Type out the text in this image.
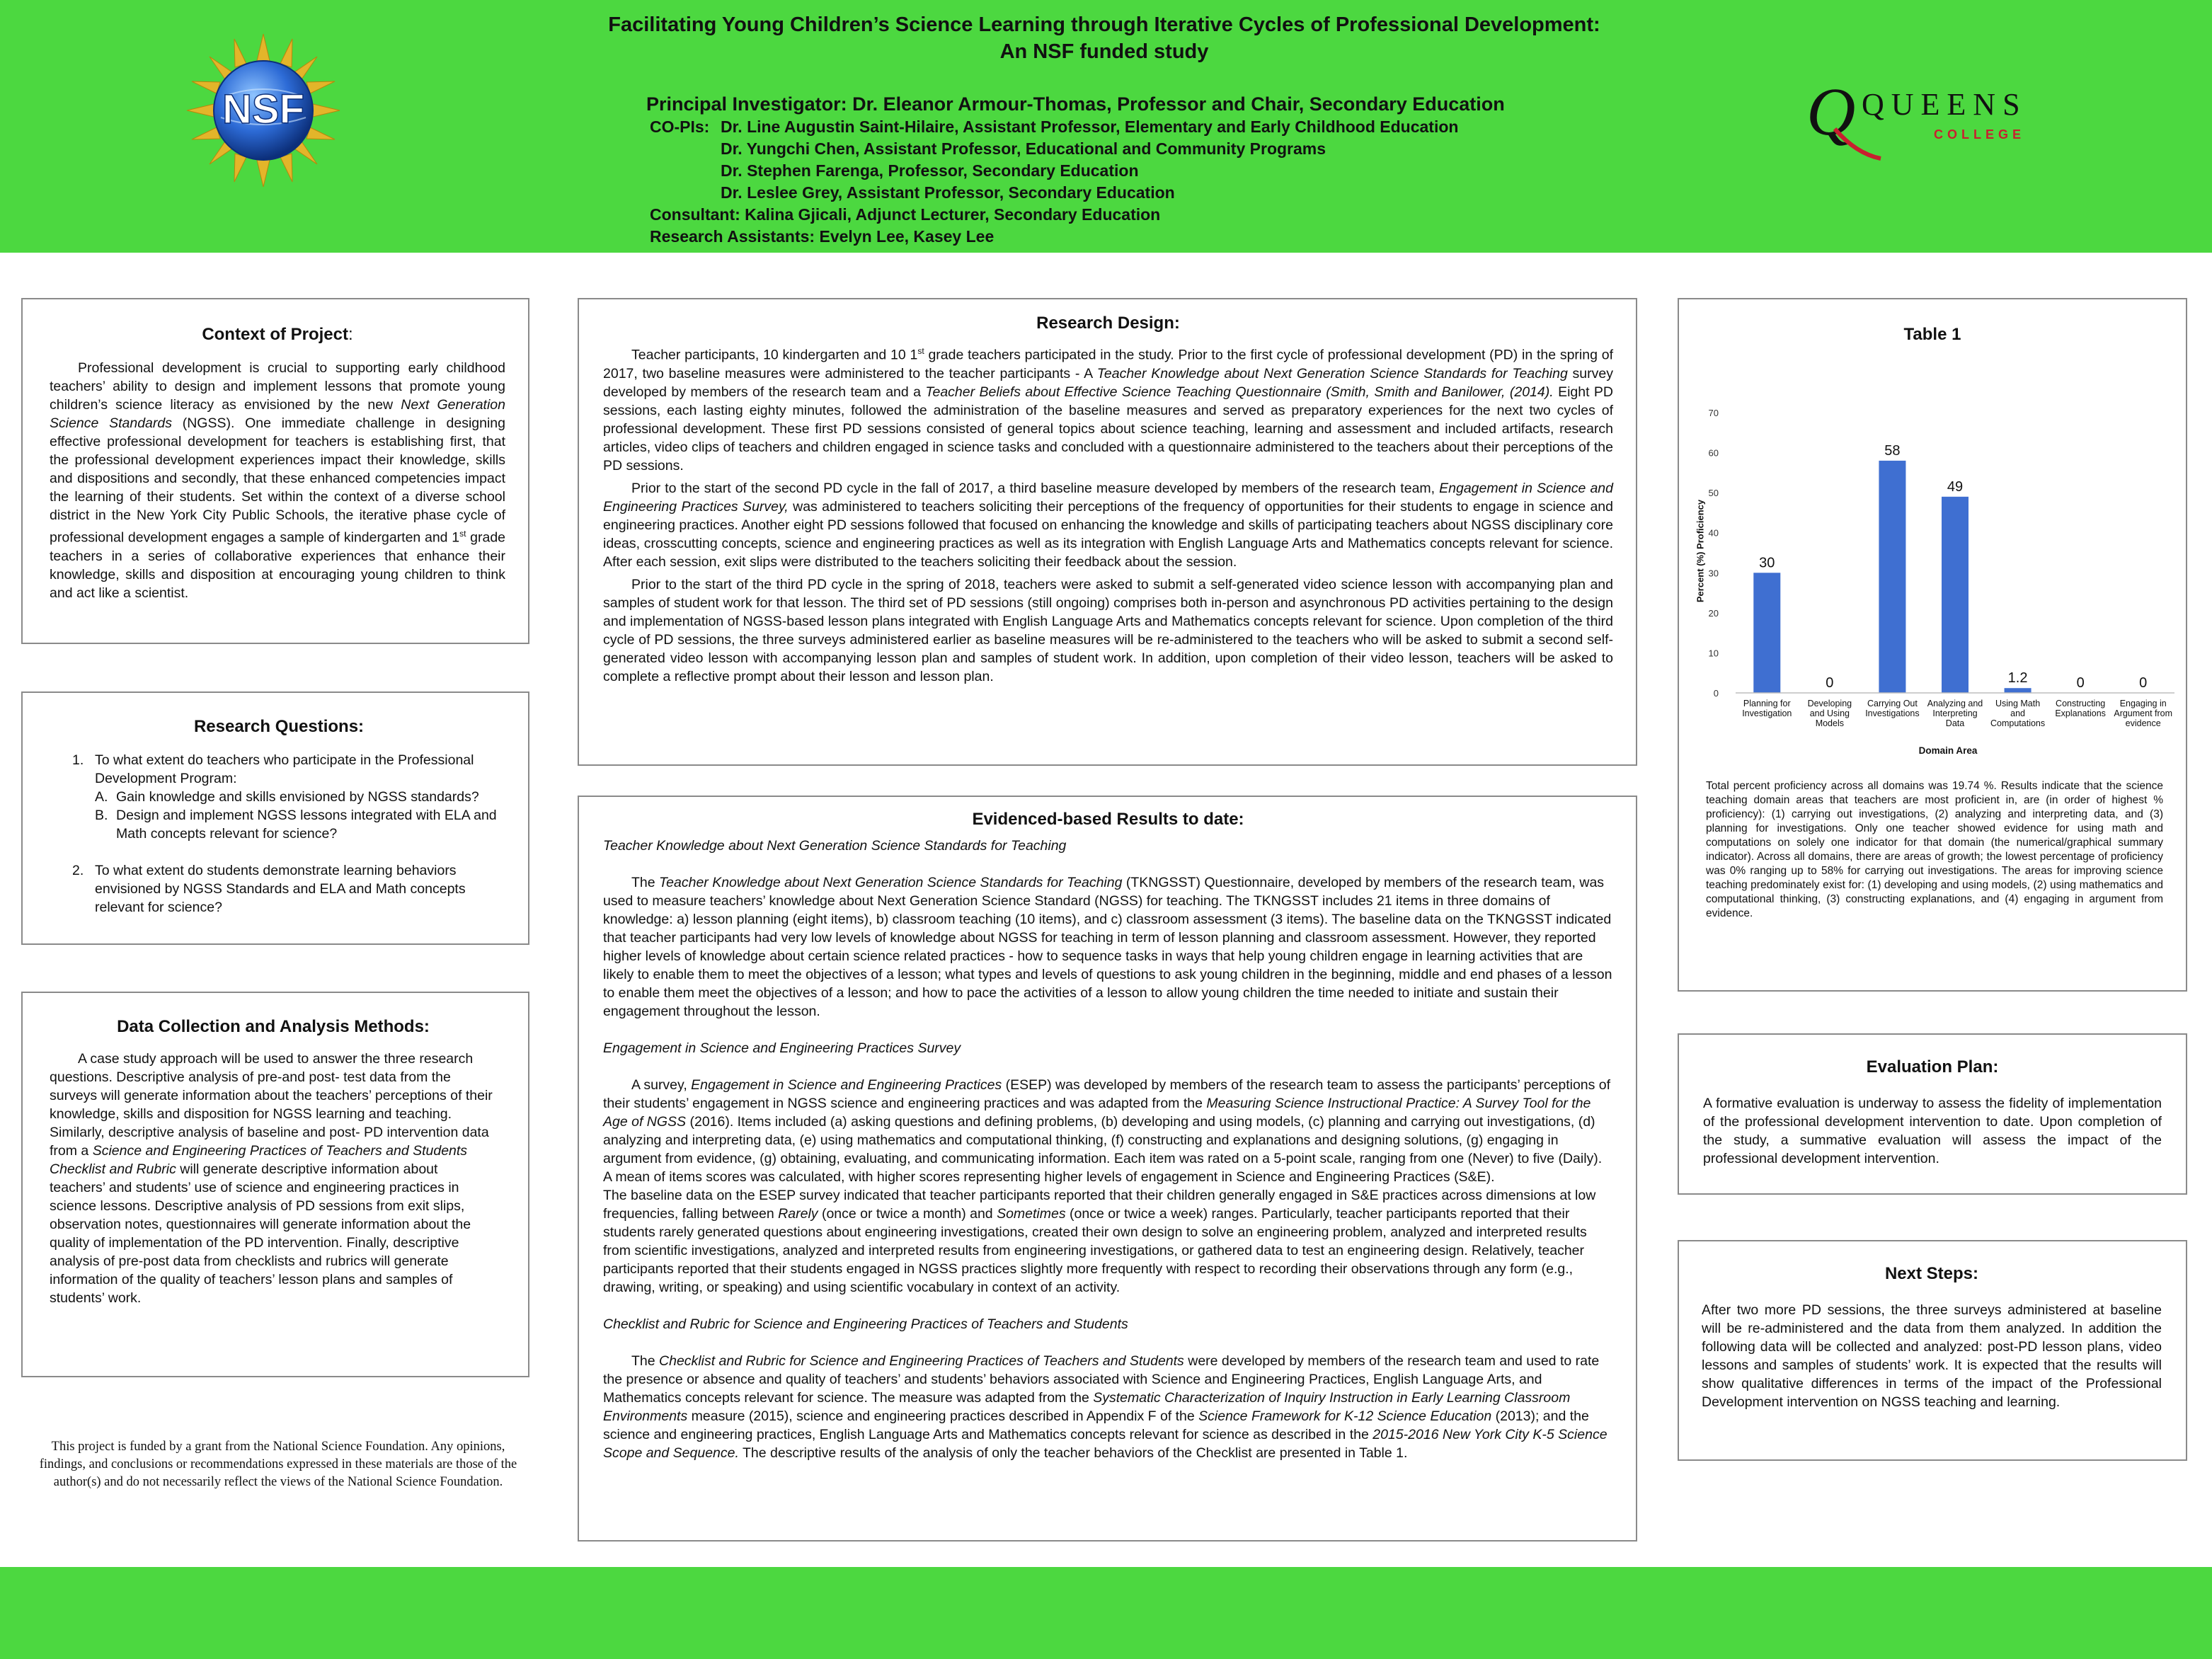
NSF	Q QUEENS
COLLEGE
Facilitating Young Children’s Science Learning through Iterative Cycles of Professional Development:
An NSF funded study
Principal Investigator: Dr. Eleanor Armour-Thomas, Professor and Chair, Secondary Education
CO-PIs: Dr. Line Augustin Saint-Hilaire, Assistant Professor, Elementary and Early Childhood Education
Dr. Yungchi Chen, Assistant Professor, Educational and Community Programs
Dr. Stephen Farenga, Professor, Secondary Education
Dr. Leslee Grey, Assistant Professor, Secondary Education
Consultant: Kalina Gjicali, Adjunct Lecturer, Secondary Education
Research Assistants: Evelyn Lee, Kasey Lee
Context of Project:

Professional development is crucial to supporting early childhood teachers’ ability to design and implement lessons that promote young children’s science literacy as envisioned by the new Next Generation Science Standards (NGSS). One immediate challenge in designing effective professional development for teachers is establishing first, that the professional development experiences impact their knowledge, skills and dispositions and secondly, that these enhanced competencies impact the learning of their students. Set within the context of a diverse school district in the New York City Public Schools, the iterative phase cycle of professional development engages a sample of kindergarten and 1st grade teachers in a series of collaborative experiences that enhance their knowledge, skills and disposition at encouraging young children to think and act like a scientist.

Research Questions:
1. To what extent do teachers who participate in the Professional Development Program:
A. Gain knowledge and skills envisioned by NGSS standards?
B. Design and implement NGSS lessons integrated with ELA and Math concepts relevant for science?
2. To what extent do students demonstrate learning behaviors envisioned by NGSS Standards and ELA and Math concepts relevant for science?
Data Collection and Analysis Methods:

A case study approach will be used to answer the three research questions. Descriptive analysis of pre-and post- test data from the surveys will generate information about the teachers’ perceptions of their knowledge, skills and disposition for NGSS learning and teaching. Similarly, descriptive analysis of baseline and post- PD intervention data from a Science and Engineering Practices of Teachers and Students Checklist and Rubric will generate descriptive information about teachers’ and students’ use of science and engineering practices in science lessons. Descriptive analysis of PD sessions from exit slips, observation notes, questionnaires will generate information about the quality of implementation of the PD intervention. Finally, descriptive analysis of pre-post data from checklists and rubrics will generate information of the quality of teachers’ lesson plans and samples of students’ work.

This project is funded by a grant from the National Science Foundation. Any opinions, findings, and conclusions or recommendations expressed in these materials are those of the author(s) and do not necessarily reflect the views of the National Science Foundation.
Research Design:

Teacher participants, 10 kindergarten and 10 1st grade teachers participated in the study. Prior to the first cycle of professional development (PD) in the spring of 2017, two baseline measures were administered to the teacher participants - A Teacher Knowledge about Next Generation Science Standards for Teaching survey developed by members of the research team and a Teacher Beliefs about Effective Science Teaching Questionnaire (Smith, Smith and Banilower, (2014). Eight PD sessions, each lasting eighty minutes, followed the administration of the baseline measures and served as preparatory experiences for the next two cycles of professional development. These first PD sessions consisted of general topics about science teaching, learning and assessment and included artifacts, research articles, video clips of teachers and children engaged in science tasks and concluded with a questionnaire administered to the teachers about their perceptions of the PD sessions.

Prior to the start of the second PD cycle in the fall of 2017, a third baseline measure developed by members of the research team, Engagement in Science and Engineering Practices Survey, was administered to teachers soliciting their perceptions of the frequency of opportunities for their students to engage in science and engineering practices. Another eight PD sessions followed that focused on enhancing the knowledge and skills of participating teachers about NGSS disciplinary core ideas, crosscutting concepts, science and engineering practices as well as its integration with English Language Arts and Mathematics concepts relevant for science. After each session, exit slips were distributed to the teachers soliciting their feedback about the session.

Prior to the start of the third PD cycle in the spring of 2018, teachers were asked to submit a self-generated video science lesson with accompanying plan and samples of student work for that lesson. The third set of PD sessions (still ongoing) comprises both in-person and asynchronous PD activities pertaining to the design and implementation of NGSS-based lesson plans integrated with English Language Arts and Mathematics concepts relevant for science. Upon completion of the third cycle of PD sessions, the three surveys administered earlier as baseline measures will be re-administered to the teachers who will be asked to submit a second self-generated video lesson with accompanying lesson plan and samples of student work. In addition, upon completion of their video lesson, teachers will be asked to complete a reflective prompt about their lesson and lesson plan.

Evidenced-based Results to date:

Teacher Knowledge about Next Generation Science Standards for Teaching

The Teacher Knowledge about Next Generation Science Standards for Teaching (TKNGSST) Questionnaire, developed by members of the research team, was used to measure teachers’ knowledge about Next Generation Science Standard (NGSS) for teaching. The TKNGSST includes 21 items in three domains of knowledge: a) lesson planning (eight items), b) classroom teaching (10 items), and c) classroom assessment (3 items). The baseline data on the TKNGSST indicated that teacher participants had very low levels of knowledge about NGSS for teaching in term of lesson planning and classroom assessment. However, they reported higher levels of knowledge about certain science related practices - how to sequence tasks in ways that help young children engage in learning activities that are likely to enable them to meet the objectives of a lesson; what types and levels of questions to ask young children in the beginning, middle and end phases of a lesson to enable them meet the objectives of a lesson; and how to pace the activities of a lesson to allow young children the time needed to initiate and sustain their engagement throughout the lesson.

Engagement in Science and Engineering Practices Survey

A survey, Engagement in Science and Engineering Practices (ESEP) was developed by members of the research team to assess the participants’ perceptions of their students’ engagement in NGSS science and engineering practices and was adapted from the Measuring Science Instructional Practice: A Survey Tool for the Age of NGSS (2016). Items included (a) asking questions and defining problems, (b) developing and using models, (c) planning and carrying out investigations, (d) analyzing and interpreting data, (e) using mathematics and computational thinking, (f) constructing and explanations and designing solutions, (g) engaging in argument from evidence, (g) obtaining, evaluating, and communicating information. Each item was rated on a 5-point scale, ranging from one (Never) to five (Daily). A mean of items scores was calculated, with higher scores representing higher levels of engagement in Science and Engineering Practices (S&E).

The baseline data on the ESEP survey indicated that teacher participants reported that their children generally engaged in S&E practices across dimensions at low frequencies, falling between Rarely (once or twice a month) and Sometimes (once or twice a week) ranges. Particularly, teacher participants reported that their students rarely generated questions about engineering investigations, created their own design to solve an engineering problem, analyzed and interpreted results from scientific investigations, analyzed and interpreted results from engineering investigations, or gathered data to test an engineering design. Relatively, teacher participants reported that their students engaged in NGSS practices slightly more frequently with respect to recording their observations through any form (e.g., drawing, writing, or speaking) and using scientific vocabulary in context of an activity.

Checklist and Rubric for Science and Engineering Practices of Teachers and Students

The Checklist and Rubric for Science and Engineering Practices of Teachers and Students were developed by members of the research team and used to rate the presence or absence and quality of teachers’ and students’ behaviors associated with Science and Engineering Practices, English Language Arts, and Mathematics concepts relevant for science. The measure was adapted from the Systematic Characterization of Inquiry Instruction in Early Learning Classroom Environments measure (2015), science and engineering practices described in Appendix F of the Science Framework for K-12 Science Education (2013); and the science and engineering practices, English Language Arts and Mathematics concepts relevant for science as described in the 2015-2016 New York City K-5 Science Scope and Sequence. The descriptive results of the analysis of only the teacher behaviors of the Checklist are presented in Table 1.

Table 1
0
10
20
30
40
50
60
70
30
0
58
49
1.2	0	0
Planning for Investigation
Developing and Using Models
Carrying Out Investigations
Analyzing and Interpreting Data
Using Math and Computations
Constructing Explanations
Engaging in Argument from evidence
Percent (%) Proficiency
Domain Area

Total percent proficiency across all domains was 19.74 %. Results indicate that the science teaching domain areas that teachers are most proficient in, are (in order of highest % proficiency): (1) carrying out investigations, (2) analyzing and interpreting data, and (3) planning for investigations. Only one teacher showed evidence for using math and computations on solely one indicator for that domain (the numerical/graphical summary indicator). Across all domains, there are areas of growth; the lowest percentage of proficiency was 0% ranging up to 58% for carrying out investigations. The areas for improving science teaching predominately exist for: (1) developing and using models, (2) using mathematics and computational thinking, (3) constructing explanations, and (4) engaging in argument from evidence.

Evaluation Plan:

A formative evaluation is underway to assess the fidelity of implementation of the professional development intervention to date. Upon completion of the study, a summative evaluation will assess the impact of the professional development intervention.

Next Steps:

After two more PD sessions, the three surveys administered at baseline will be re-administered and the data from them analyzed. In addition the following data will be collected and analyzed: post-PD lesson plans, video lessons and samples of students’ work. It is expected that the results will show qualitative differences in terms of the impact of the Professional Development intervention on NGSS teaching and learning.
